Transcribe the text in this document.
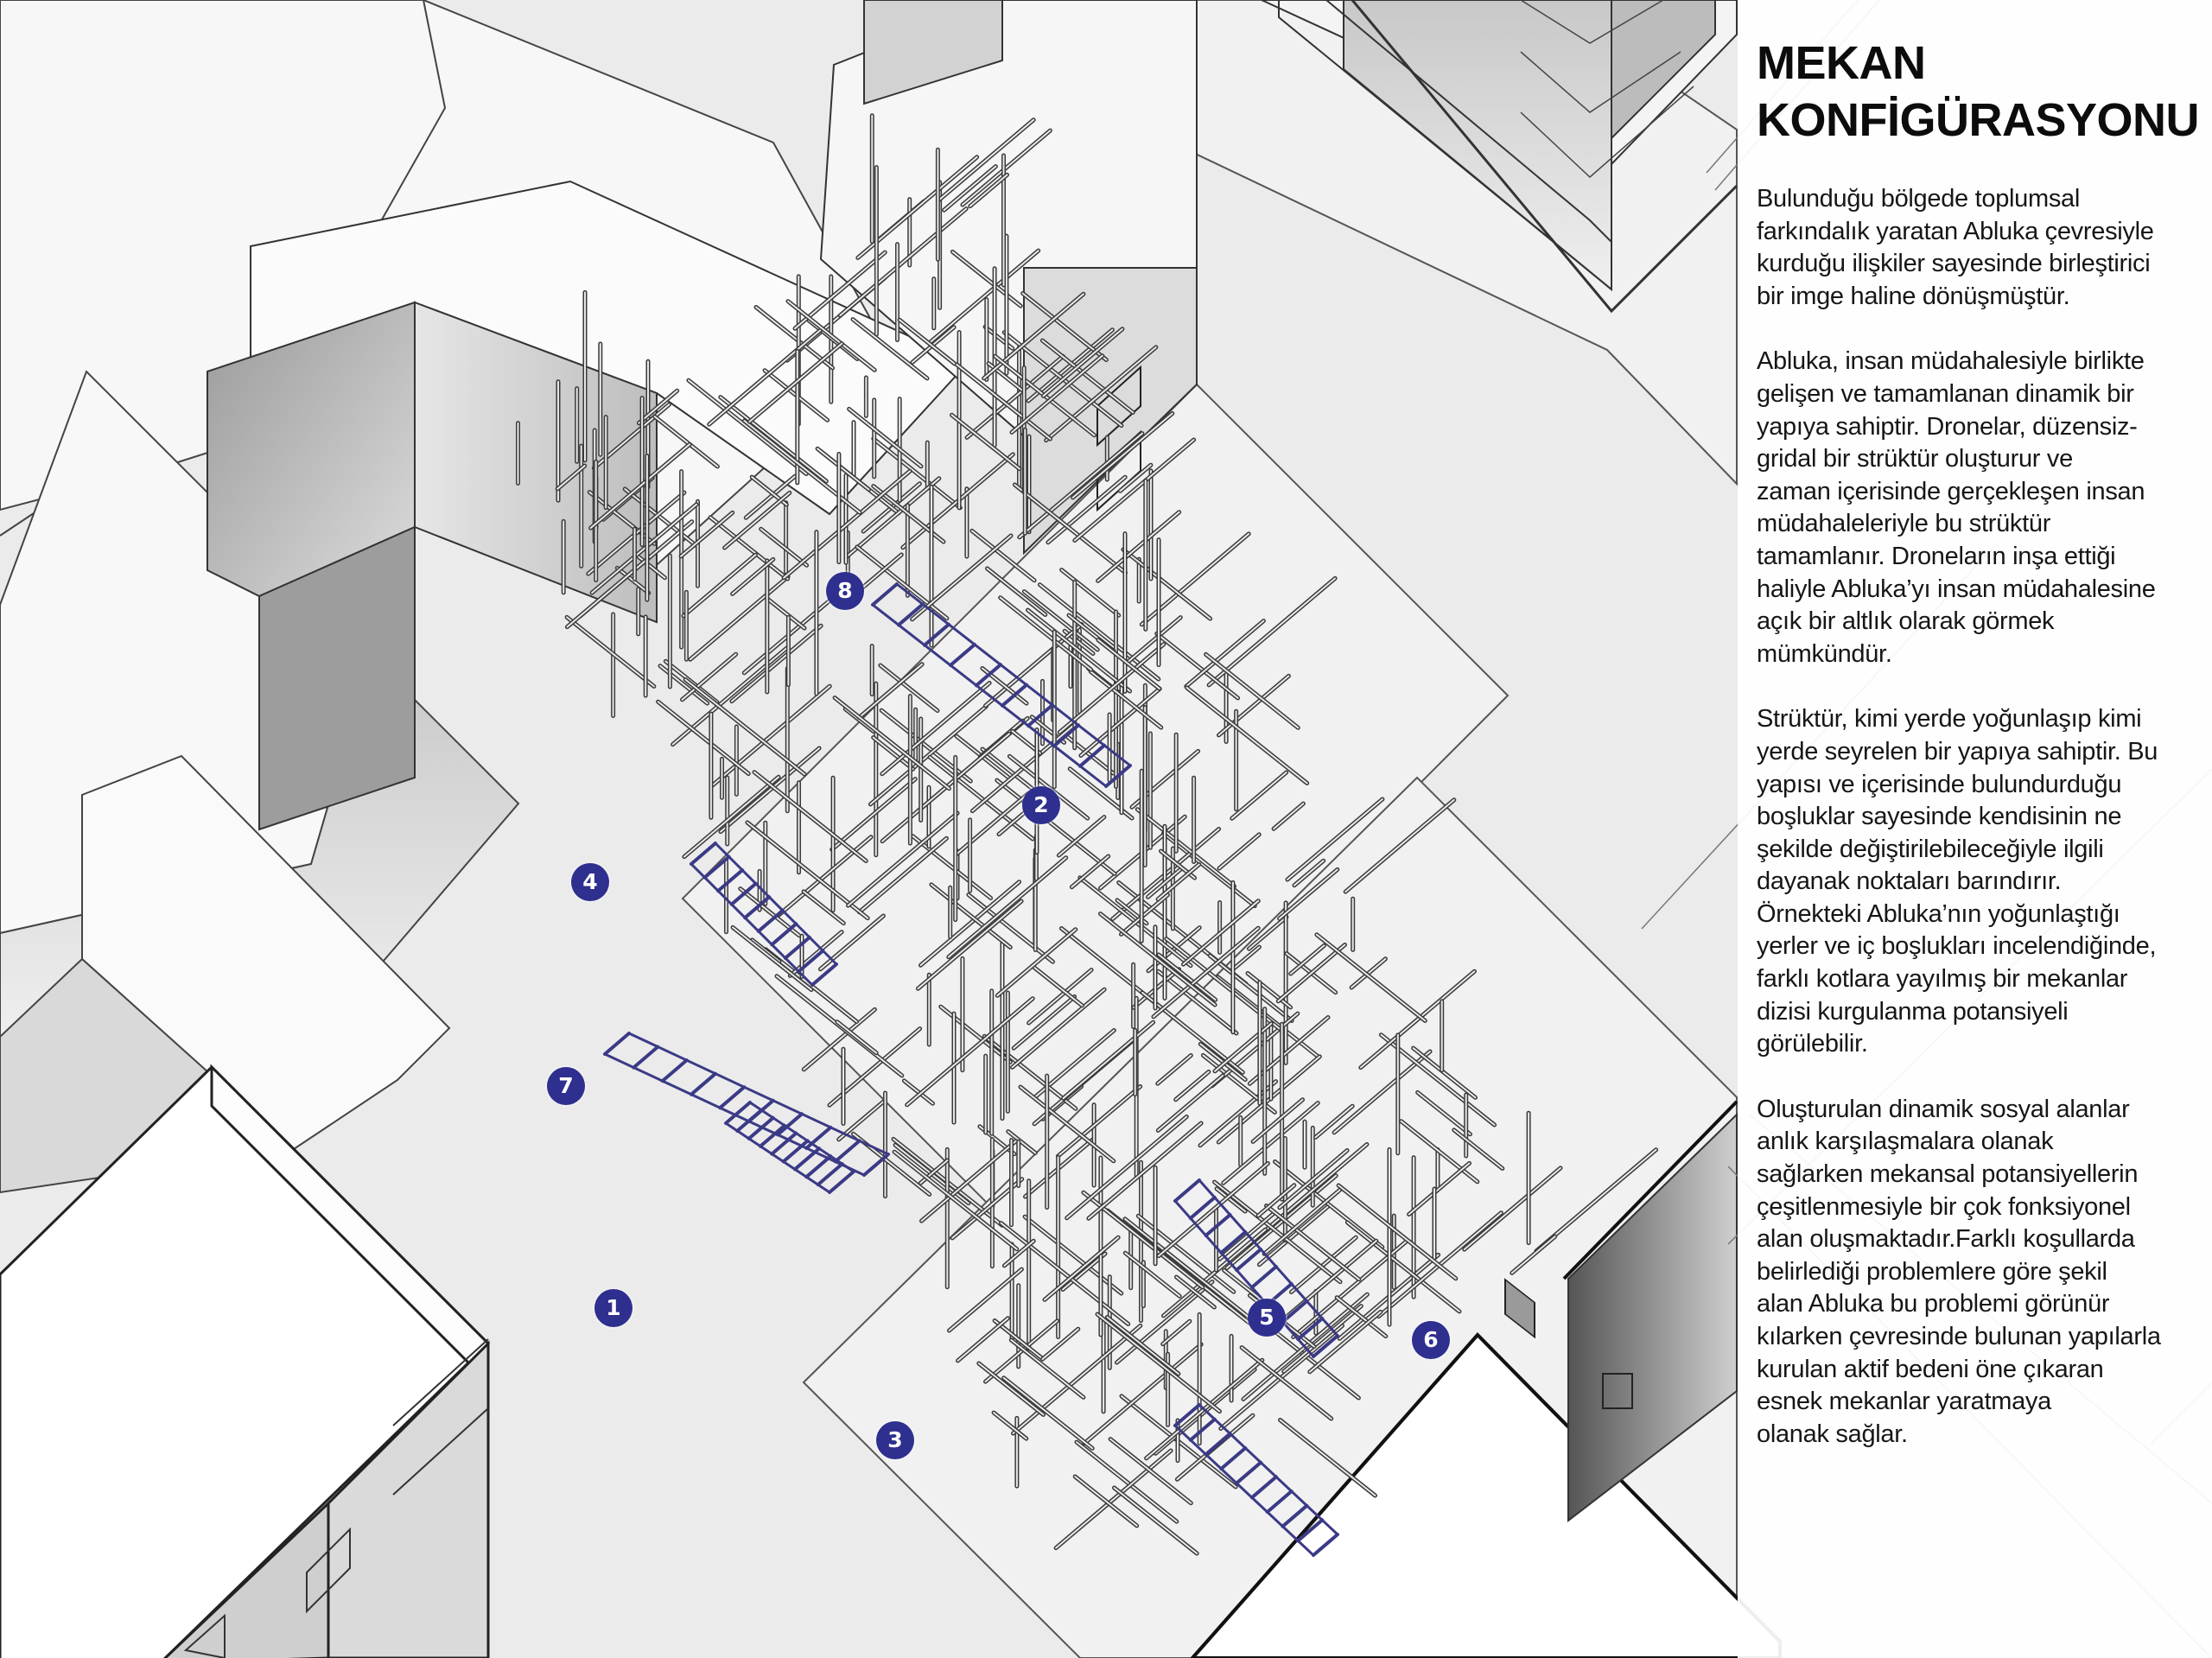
1
2
3
4
5
6
7
8
MEKAN
KONFİGÜRASYONU

Bulunduğu bölgede toplumsal
farkındalık yaratan Abluka çevresiyle
kurduğu ilişkiler sayesinde birleştirici
bir imge haline dönüşmüştür.

Abluka, insan müdahalesiyle birlikte
gelişen ve tamamlanan dinamik bir
yapıya sahiptir. Dronelar, düzensiz-
gridal bir strüktür oluşturur ve
zaman içerisinde gerçekleşen insan
müdahaleleriyle bu strüktür
tamamlanır. Droneların inşa ettiği
haliyle Abluka’yı insan müdahalesine
açık bir altlık olarak görmek
mümkündür.

Strüktür, kimi yerde yoğunlaşıp kimi
yerde seyrelen bir yapıya sahiptir. Bu
yapısı ve içerisinde bulundurduğu
boşluklar sayesinde kendisinin ne
şekilde değiştirilebileceğiyle ilgili
dayanak noktaları barındırır.
Örnekteki Abluka’nın yoğunlaştığı
yerler ve iç boşlukları incelendiğinde,
farklı kotlara yayılmış bir mekanlar
dizisi kurgulanma potansiyeli
görülebilir.

Oluşturulan dinamik sosyal alanlar
anlık karşılaşmalara olanak
sağlarken mekansal potansiyellerin
çeşitlenmesiyle bir çok fonksiyonel
alan oluşmaktadır.Farklı koşullarda
belirlediği problemlere göre şekil
alan Abluka bu problemi görünür
kılarken çevresinde bulunan yapılarla
kurulan aktif bedeni öne çıkaran
esnek mekanlar yaratmaya
olanak sağlar.
